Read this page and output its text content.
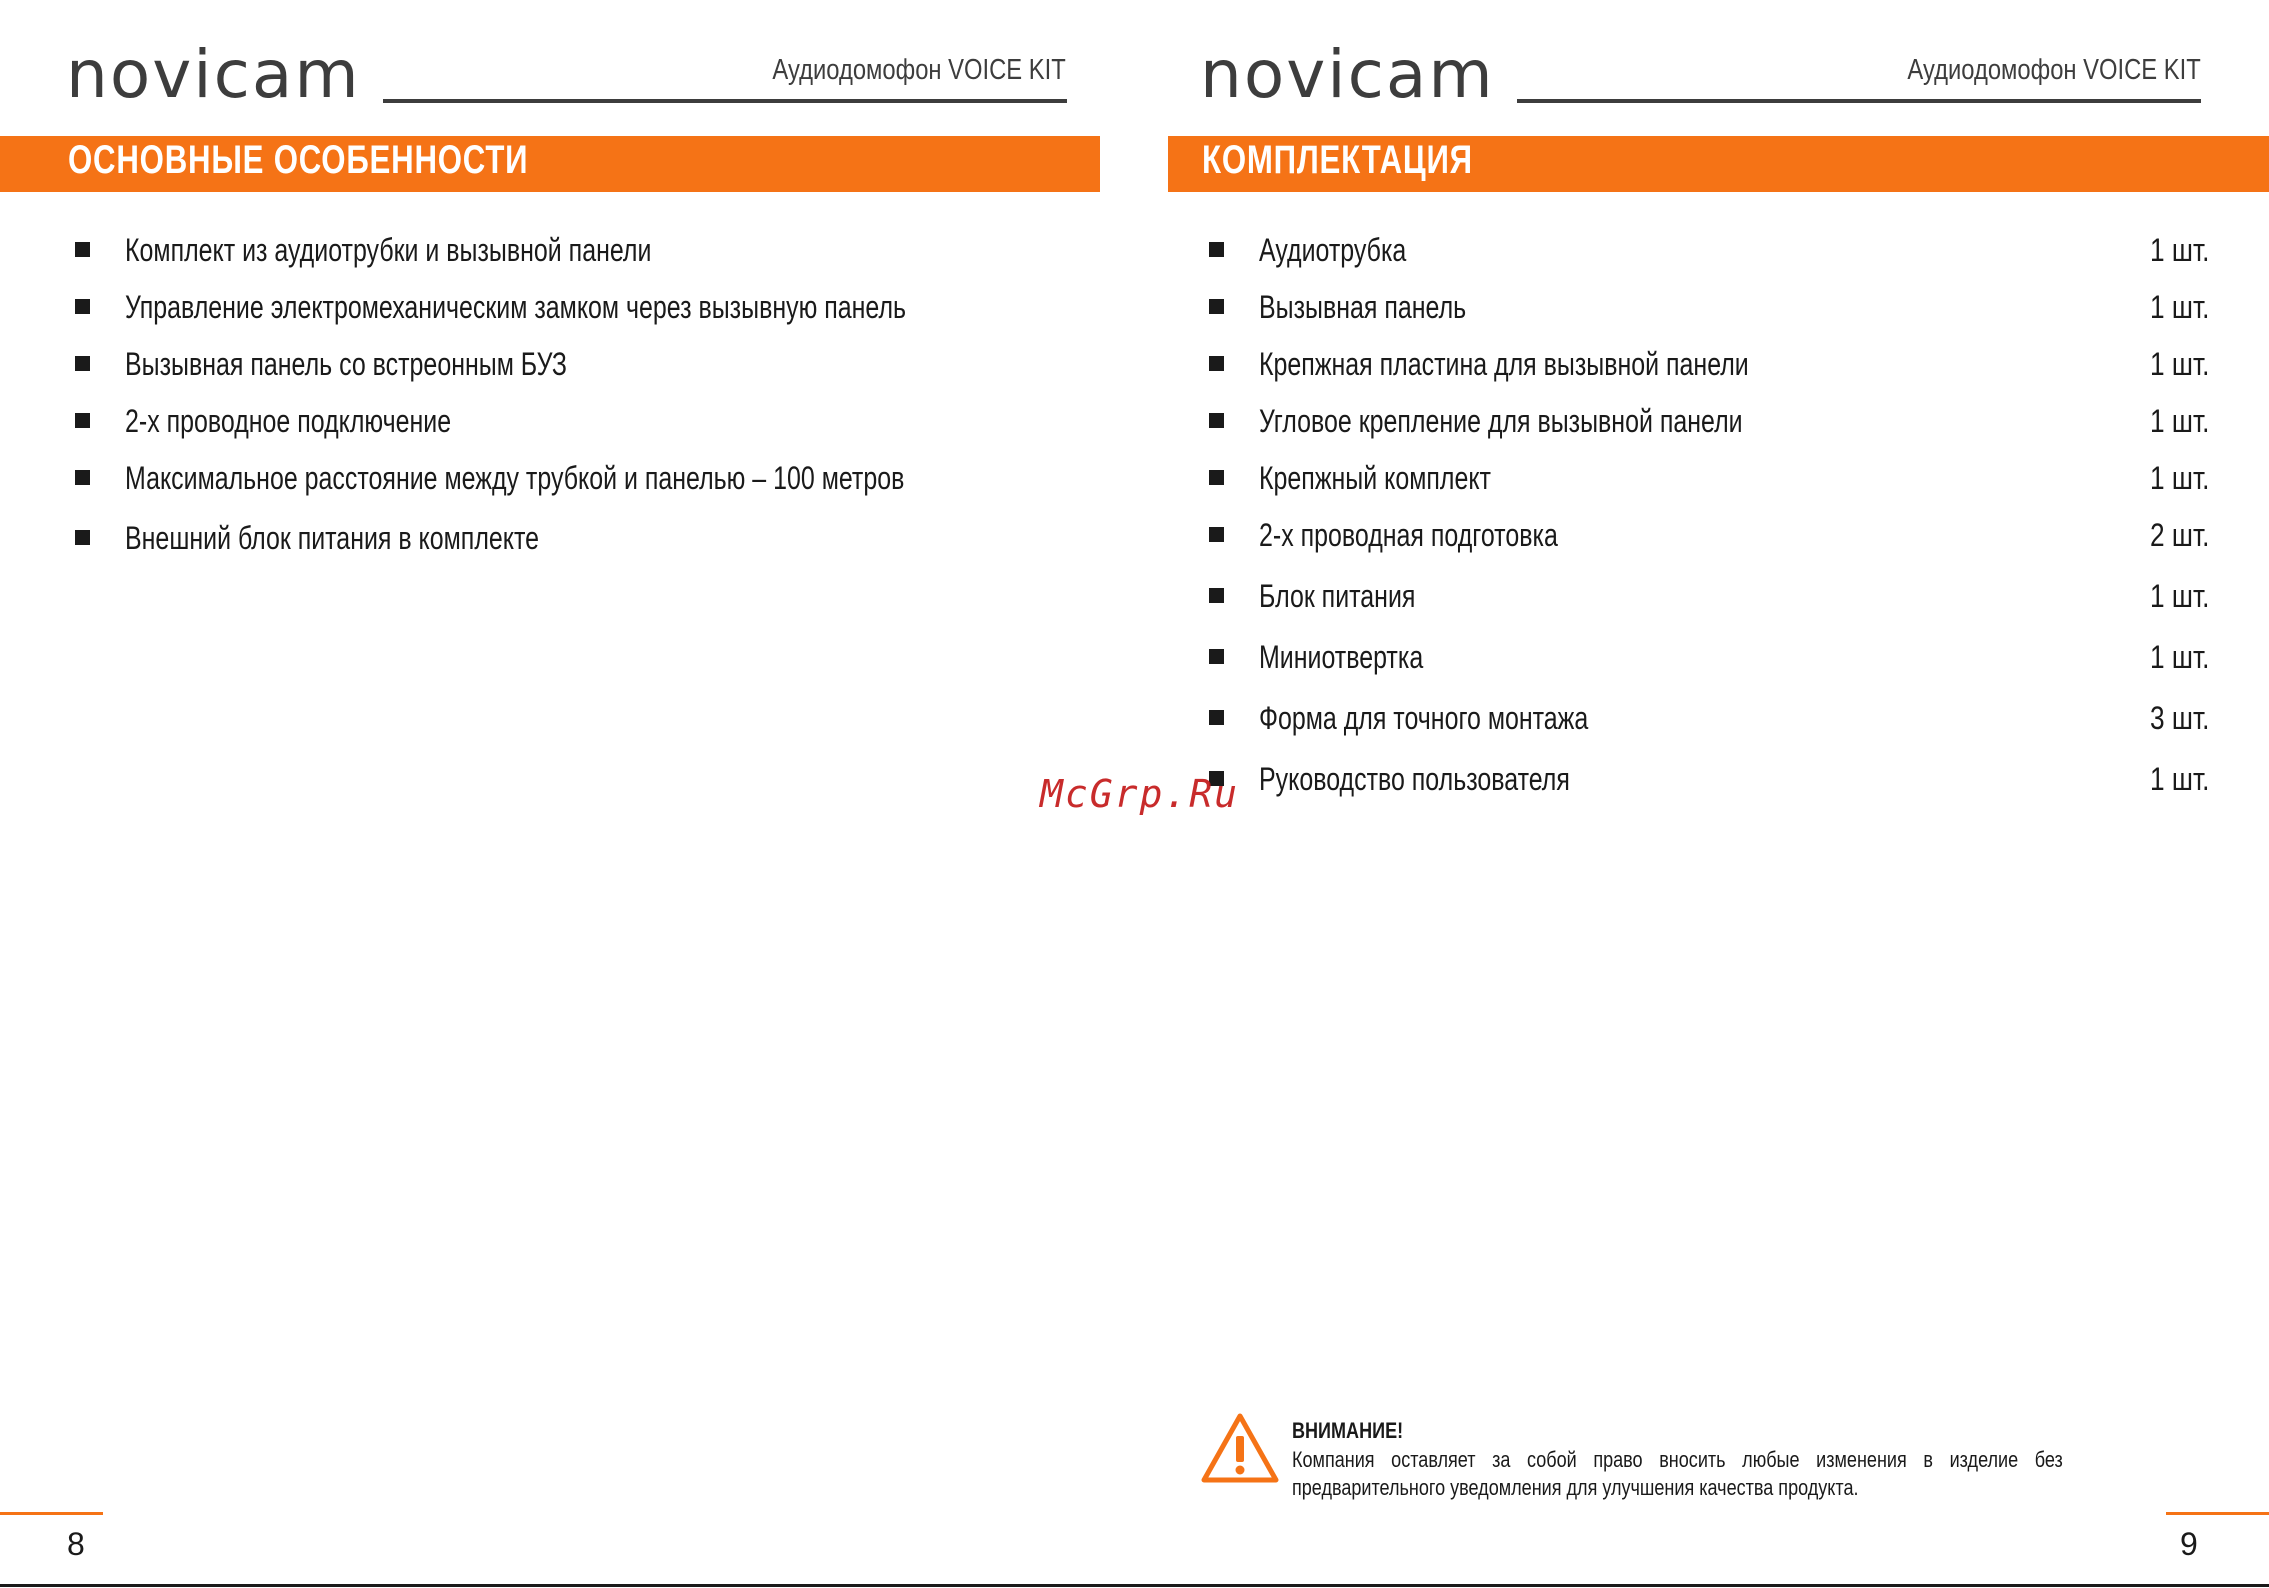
novicam	Аудиодомофон VOICE KIT
ОСНОВНЫЕ ОСОБЕННОСТИ
Комплект из аудиотрубки и вызывной панели
Управление электромеханическим замком через вызывную панель
Вызывная панель со встреонным БУЗ
2-х проводное подключение
Максимальное расстояние между трубкой и панелью – 100 метров
Внешний блок питания в комплекте
8
novicam	Аудиодомофон VOICE KIT
КОМПЛЕКТАЦИЯ
Аудиотрубка	1 шт.
Вызывная панель	1 шт.
Крепжная пластина для вызывной панели	1 шт.
Угловое крепление для вызывной панели	1 шт.
Крепжный комплект	1 шт.
2-х проводная подготовка	2 шт.
Блок питания	1 шт.
Миниотвертка	1 шт.
Форма для точного монтажа	3 шт.
Руководство пользователя	1 шт.
9
ВНИМАНИЕ!
Компания оставляет за собой право вносить любые изменения в изделие без предварительного уведомления для улучшения качества продукта.
McGrp.Ru
